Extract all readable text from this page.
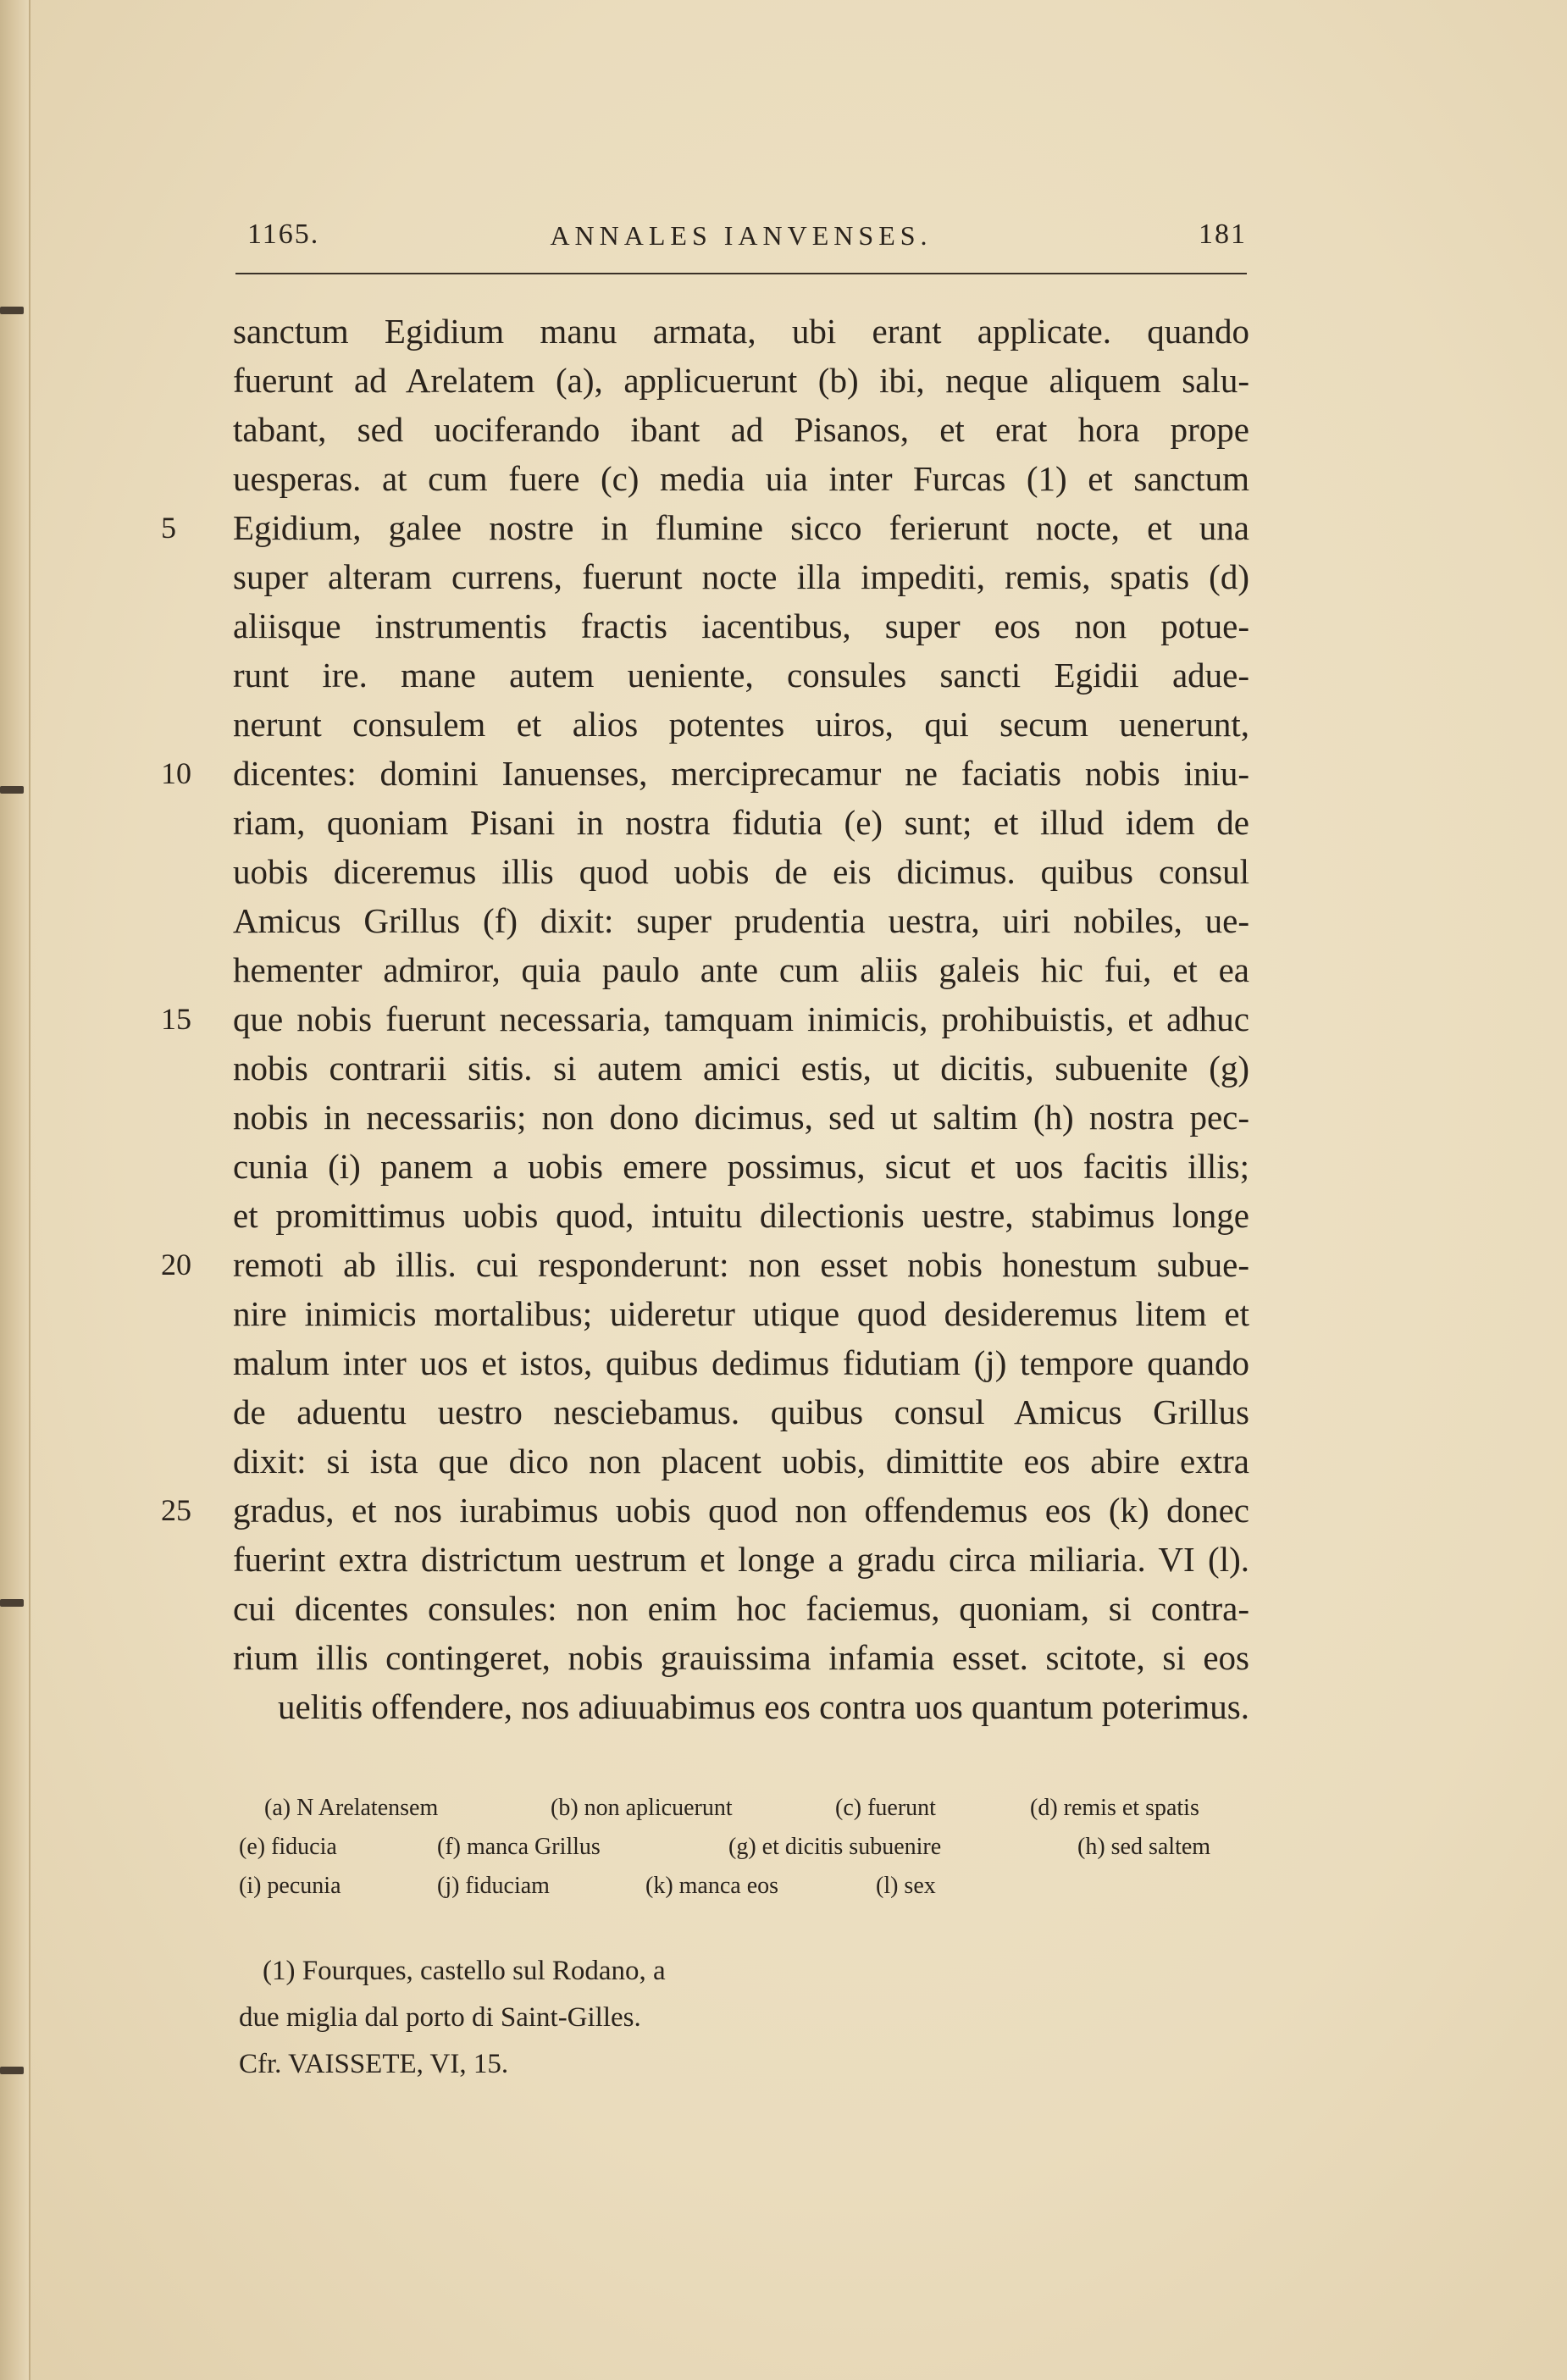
1165.	ANNALES IANVENSES.	181
5
10
15
20
25
sanctum Egidium manu armata, ubi erant applicate. quando
fuerunt ad Arelatem (a), applicuerunt (b) ibi, neque aliquem salu-
tabant, sed uociferando ibant ad Pisanos, et erat hora prope
uesperas. at cum fuere (c) media uia inter Furcas (1) et sanctum
Egidium, galee nostre in flumine sicco ferierunt nocte, et una
super alteram currens, fuerunt nocte illa impediti, remis, spatis (d)
aliisque instrumentis fractis iacentibus, super eos non potue-
runt ire. mane autem ueniente, consules sancti Egidii adue-
nerunt consulem et alios potentes uiros, qui secum uenerunt,
dicentes: domini Ianuenses, merciprecamur ne faciatis nobis iniu-
riam, quoniam Pisani in nostra fidutia (e) sunt; et illud idem de
uobis diceremus illis quod uobis de eis dicimus. quibus consul
Amicus Grillus (f) dixit: super prudentia uestra, uiri nobiles, ue-
hementer admiror, quia paulo ante cum aliis galeis hic fui, et ea
que nobis fuerunt necessaria, tamquam inimicis, prohibuistis, et adhuc
nobis contrarii sitis. si autem amici estis, ut dicitis, subuenite (g)
nobis in necessariis; non dono dicimus, sed ut saltim (h) nostra pec-
cunia (i) panem a uobis emere possimus, sicut et uos facitis illis;
et promittimus uobis quod, intuitu dilectionis uestre, stabimus longe
remoti ab illis. cui responderunt: non esset nobis honestum subue-
nire inimicis mortalibus; uideretur utique quod desideremus litem et
malum inter uos et istos, quibus dedimus fidutiam (j) tempore quando
de aduentu uestro nesciebamus. quibus consul Amicus Grillus
dixit: si ista que dico non placent uobis, dimittite eos abire extra
gradus, et nos iurabimus uobis quod non offendemus eos (k) donec
fuerint extra districtum uestrum et longe a gradu circa miliaria. VI (l).
cui dicentes consules: non enim hoc faciemus, quoniam, si contra-
rium illis contingeret, nobis grauissima infamia esset. scitote, si eos
uelitis offendere, nos adiuuabimus eos contra uos quantum poterimus.
(a) N Arelatensem	(b) non aplicuerunt	(c) fuerunt	(d) remis et spatis
(e) fiducia	(f) manca Grillus	(g) et dicitis subuenire	(h) sed saltem
(i) pecunia	(j) fiduciam	(k) manca eos	(l) sex
(1) Fourques, castello sul Rodano, a
due miglia dal porto di Saint-Gilles.
Cfr. VAISSETE, VI, 15.
